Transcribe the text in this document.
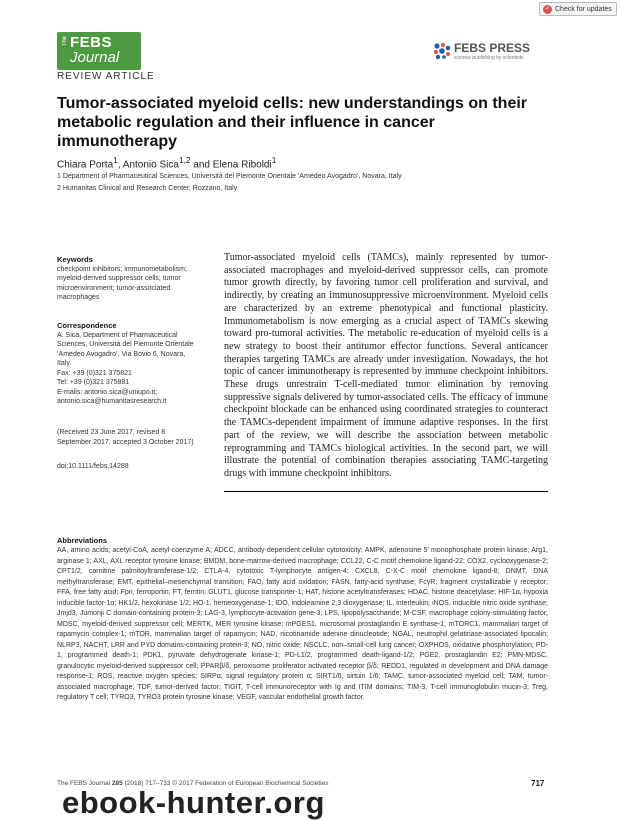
✓ Check for updates
The FEBS
Journal
FEBS PRESS
science publishing by scientists
REVIEW ARTICLE
Tumor-associated myeloid cells: new understandings on their metabolic regulation and their influence in cancer immunotherapy
Chiara Porta$^1$, Antonio Sica$^{1,2}$ and Elena Riboldi$^1$
1 Department of Pharmaceutical Sciences, Università del Piemonte Orientale ‘Amedeo Avogadro’, Novara, Italy
2 Humanitas Clinical and Research Center, Rozzano, Italy
Keywords
checkpoint inhibitors; immunometabolism; myeloid-derived suppressor cells; tumor microenvironment; tumor-associated macrophages
Correspondence
A. Sica, Department of Pharmaceutical
Sciences, Università del Piemonte Orientale
‘Amedeo Avogadro’, Via Bovio 6, Novara,
Italy
Fax: +39 (0)321 375821
Tel: +39 (0)321 375881
E-mails: antonio.sica@uniupo.it;
antonio.sica@humanitasresearch.it
(Received 23 June 2017, revised 8
September 2017, accepted 3 October 2017)
doi:10.1111/febs.14288
Tumor-associated myeloid cells (TAMCs), mainly represented by tumor-associated macrophages and myeloid-derived suppressor cells, can promote tumor growth directly, by favoring tumor cell proliferation and survival, and indirectly, by creating an immunosuppressive microenvironment. Myeloid cells are characterized by an extreme phenotypical and functional plasticity. Immunometabolism is now emerging as a crucial aspect of TAMCs skewing toward pro-tumoral activities. The metabolic re-education of myeloid cells is a new strategy to boost their antitumor effector functions. Several anticancer therapies targeting TAMCs are already under investigation. Nowadays, the hot topic of cancer immunotherapy is represented by immune checkpoint inhibitors. These drugs unrestrain T-cell-mediated tumor elimination by removing suppressive signals delivered by tumor-associated cells. The efficacy of immune checkpoint blockade can be enhanced using coordinated strategies to counteract the TAMCs-dependent impairment of immune adaptive responses. In the first part of the review, we will describe the association between metabolic reprogramming and TAMCs biological activities. In the second part, we will illustrate the potential of combination therapies associating TAMC-targeting drugs with immune checkpoint inhibitors.
Abbreviations
AA, amino acids; acetyl-CoA, acetyl-coenzyme A; ADCC, antibody-dependent cellular cytotoxicity; AMPK, adenosine 5′ monophosphate protein kinase; Arg1, arginase 1; AXL, AXL receptor tyrosine kinase; BMDM, bone-marrow-derived macrophage; CCL22, C-C motif chemokine ligand-22; COX2, cyclooxygenase-2; CPT1/2, carnitine palmitoyltransferase-1/2; CTLA-4, cytotoxic T-lymphocyte antigen-4; CXCL8, C-X-C motif chemokine ligand-8; DNMT, DNA methyltransferase; EMT, epithelial–mesenchymal transition; FAO, fatty acid oxidation; FASN, fatty-acid synthase; FcγR, fragment crystallizable γ receptor; FFA, free fatty acid; Fpn, ferroportin; FT, ferritin; GLUT1, glucose transporter-1; HAT, histone acetyltransferases; HDAC, histone deacetylase; HIF-1α, hypoxia inducible factor-1α; HK1/2, hexokinase 1/2; HO-1, hemeoxygenase-1; IDO, indoleamine 2,3 dioxygenase; IL, interleukin; iNOS, inducible nitric oxide synthase; Jmjd3, Jumonji C domain-containing protein-3; LAG-3, lymphocyte-activation gene-3; LPS, lipopolysaccharide; M-CSF, macrophage colony-stimulating factor; MDSC, myeloid-derived suppressor cell; MERTK, MER tyrosine kinase; mPGES1, microsomal prostaglandin E synthase-1; mTORC1, mammalian target of rapamycin complex-1; mTOR, mammalian target of rapamycin; NAD, nicotinamide adenine dinucleotide; NGAL, neutrophil gelatinase-associated lipocalin; NLRP3, NACHT, LRR and PYD domains-containing protein-3; NO, nitric oxide; NSCLC, non–small-cell lung cancer; OXPHOS, oxidative phosphorylation; PD-1, programmed death-1; PDK1, pyruvate dehydrogenate kinase-1; PD-L1/2, programmed death-ligand-1/2; PGE2, prostaglandin E2; PMN-MDSC, granulocytic myeloid-derived suppressor cell; PPARβ/δ, peroxisome proliferator activated receptor β/δ; REDD1, regulated in development and DNA damage response-1; ROS, reactive oxygen species; SIRPα, signal regulatory protein α; SIRT1/6, sirtuin 1/6; TAMC, tumor-associated myeloid cell; TAM, tumor-associated macrophage; TDF, tumor-derived factor; TIGIT, T-cell immunoreceptor with Ig and ITIM domains; TIM-3, T-cell immunoglobulin mucin-3; Treg, regulatory T cell; TYRO3, TYRO3 protein tyrosine kinase; VEGF, vascular endothelial growth factor.
The FEBS Journal 285 (2018) 717–733 © 2017 Federation of European Biochemical Societies	717
ebook-hunter.org
